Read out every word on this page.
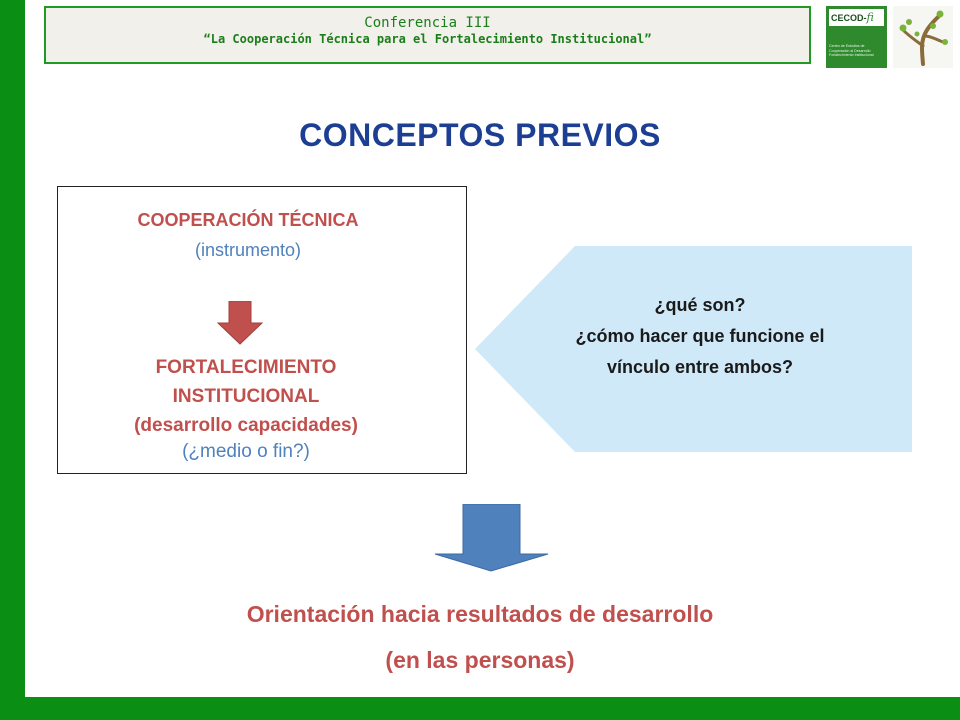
Conferencia III
“La Cooperación Técnica para el Fortalecimiento Institucional”
CECOD-fi
Centro de Estudios de
Cooperación al Desarrollo
Fortalecimiento Institucional
CONCEPTOS PREVIOS
COOPERACIÓN TÉCNICA
(instrumento)
FORTALECIMIENTO
INSTITUCIONAL
(desarrollo capacidades)
(¿medio o fin?)
¿qué son?
¿cómo hacer que funcione el
vínculo entre ambos?
Orientación hacia resultados de desarrollo
(en las personas)
